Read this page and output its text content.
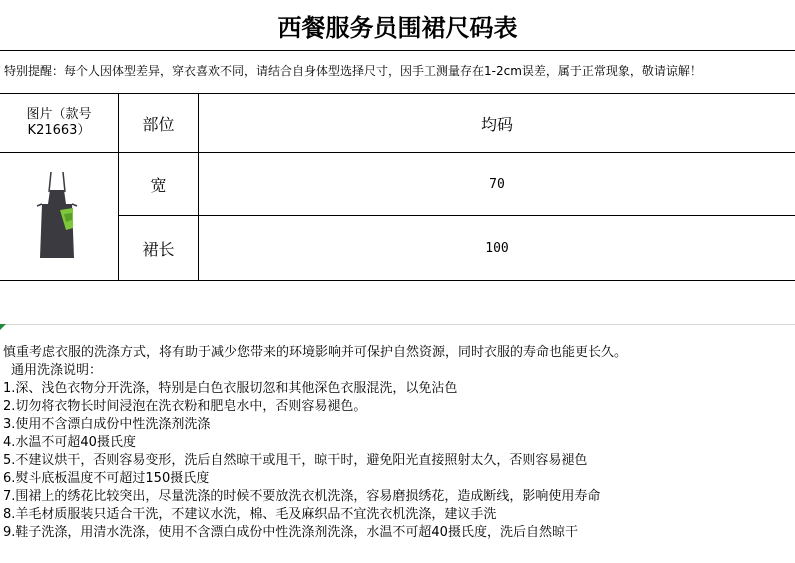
西餐服务员围裙尺码表
特别提醒：每个人因体型差异，穿衣喜欢不同，请结合自身体型选择尺寸，因手工测量存在1-2cm误差，属于正常现象，敬请谅解！
图片（款号K21663）	部位	均码
宽	70
裙长	100
慎重考虑衣服的洗涤方式，将有助于减少您带来的环境影响并可保护自然资源，同时衣服的寿命也能更长久。
通用洗涤说明：
1.深、浅色衣物分开洗涤，特别是白色衣服切忽和其他深色衣服混洗，以免沾色
2.切勿将衣物长时间浸泡在洗衣粉和肥皂水中，否则容易褪色。
3.使用不含漂白成份中性洗涤剂洗涤
4.水温不可超40摄氏度
5.不建议烘干，否则容易变形，洗后自然晾干或甩干，晾干时，避免阳光直接照射太久，否则容易褪色
6.熨斗底板温度不可超过150摄氏度
7.围裙上的绣花比较突出，尽量洗涤的时候不要放洗衣机洗涤，容易磨损绣花，造成断线，影响使用寿命
8.羊毛材质服装只适合干洗，不建议水洗，棉、毛及麻织品不宜洗衣机洗涤，建议手洗
9.鞋子洗涤，用清水洗涤，使用不含漂白成份中性洗涤剂洗涤，水温不可超40摄氏度，洗后自然晾干
